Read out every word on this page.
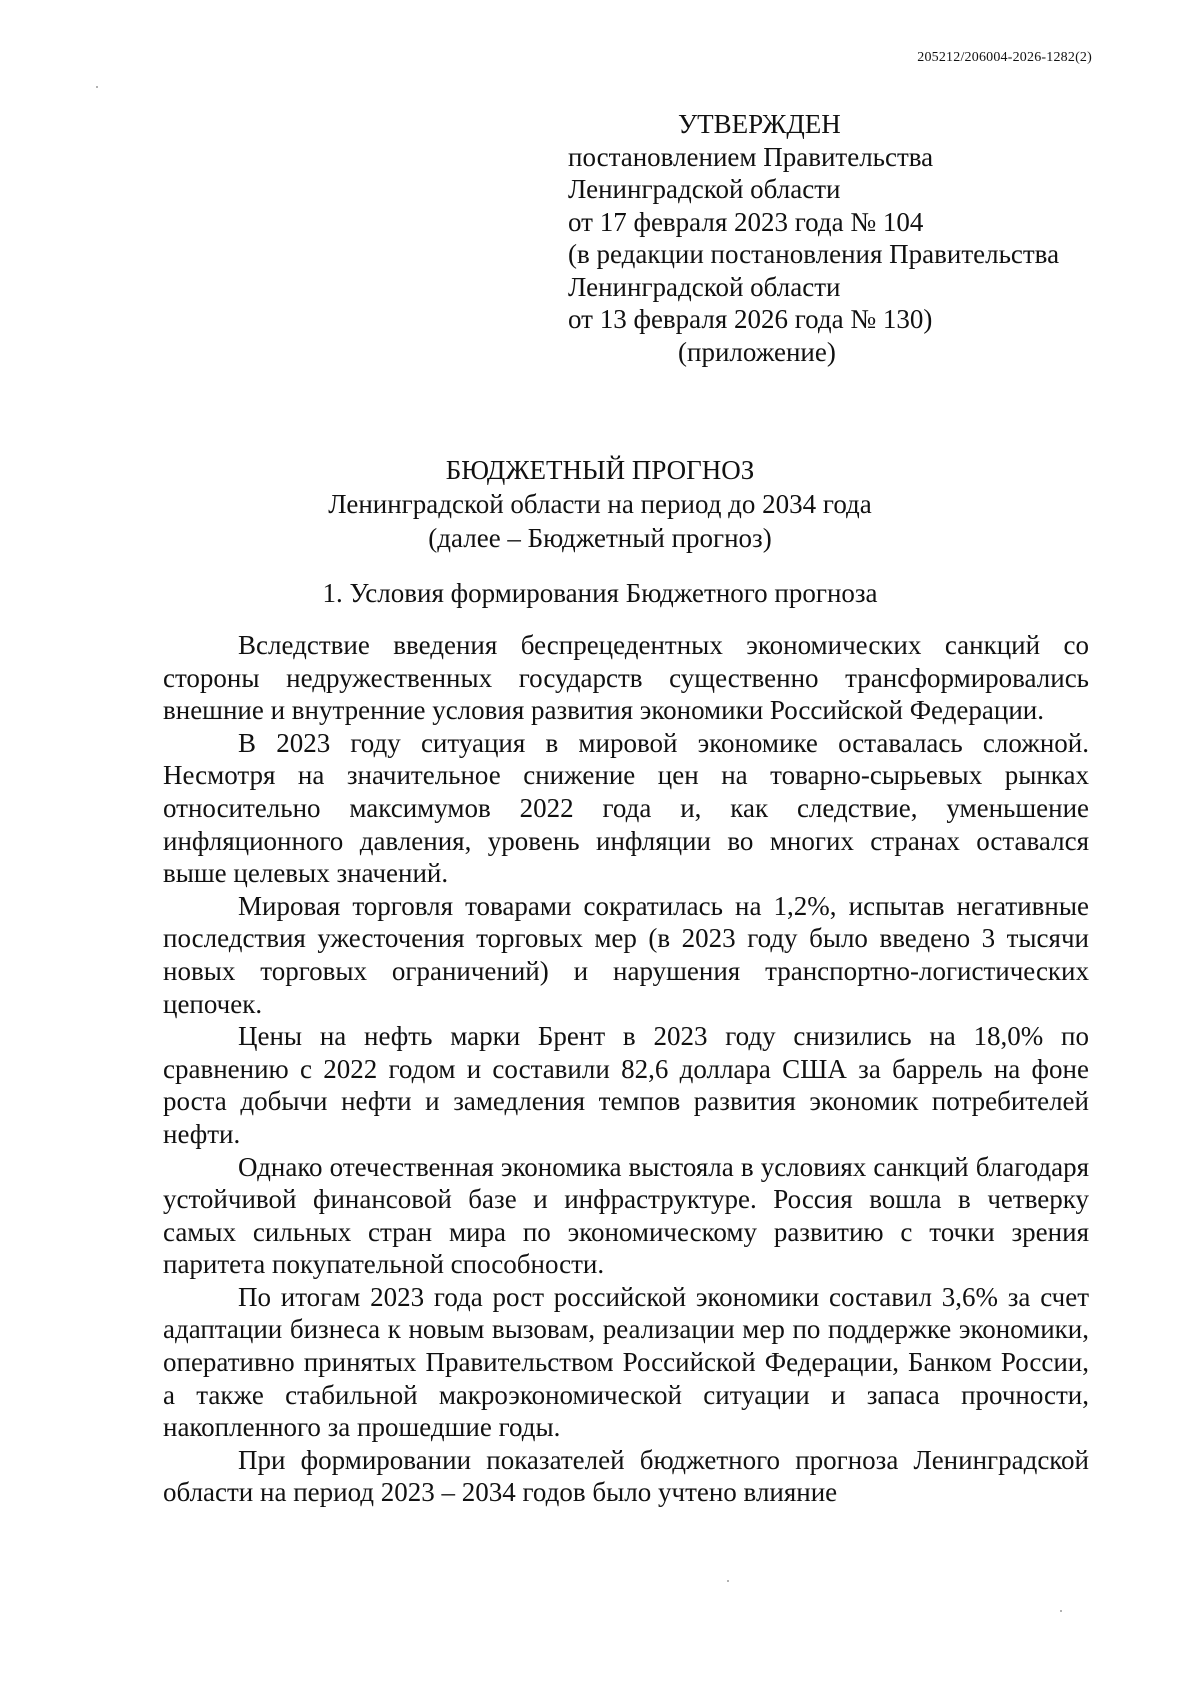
205212/206004-2026-1282(2)
УТВЕРЖДЕН
постановлением Правительства
Ленинградской области
от 17 февраля 2023 года № 104
(в редакции постановления Правительства
Ленинградской области
от 13 февраля 2026 года № 130)
(приложение)
БЮДЖЕТНЫЙ ПРОГНОЗ
Ленинградской области на период до 2034 года
(далее – Бюджетный прогноз)
1. Условия формирования Бюджетного прогноза

Вследствие введения беспрецедентных экономических санкций со стороны недружественных государств существенно трансформировались внешние и внутренние условия развития экономики Российской Федерации.

В 2023 году ситуация в мировой экономике оставалась сложной. Несмотря на значительное снижение цен на товарно-сырьевых рынках относительно максимумов 2022 года и, как следствие, уменьшение инфляционного давления, уровень инфляции во многих странах оставался выше целевых значений.

Мировая торговля товарами сократилась на 1,2%, испытав негативные последствия ужесточения торговых мер (в 2023 году было введено 3 тысячи новых торговых ограничений) и нарушения транспортно-логистических цепочек.

Цены на нефть марки Брент в 2023 году снизились на 18,0% по сравнению с 2022 годом и составили 82,6 доллара США за баррель на фоне роста добычи нефти и замедления темпов развития экономик потребителей нефти.

Однако отечественная экономика выстояла в условиях санкций благодаря устойчивой финансовой базе и инфраструктуре. Россия вошла в четверку самых сильных стран мира по экономическому развитию с точки зрения паритета покупательной способности.

По итогам 2023 года рост российской экономики составил 3,6% за счет адаптации бизнеса к новым вызовам, реализации мер по поддержке экономики, оперативно принятых Правительством Российской Федерации, Банком России, а также стабильной макроэкономической ситуации и запаса прочности, накопленного за прошедшие годы.

При формировании показателей бюджетного прогноза Ленинградской области на период 2023 – 2034 годов было учтено влияние
